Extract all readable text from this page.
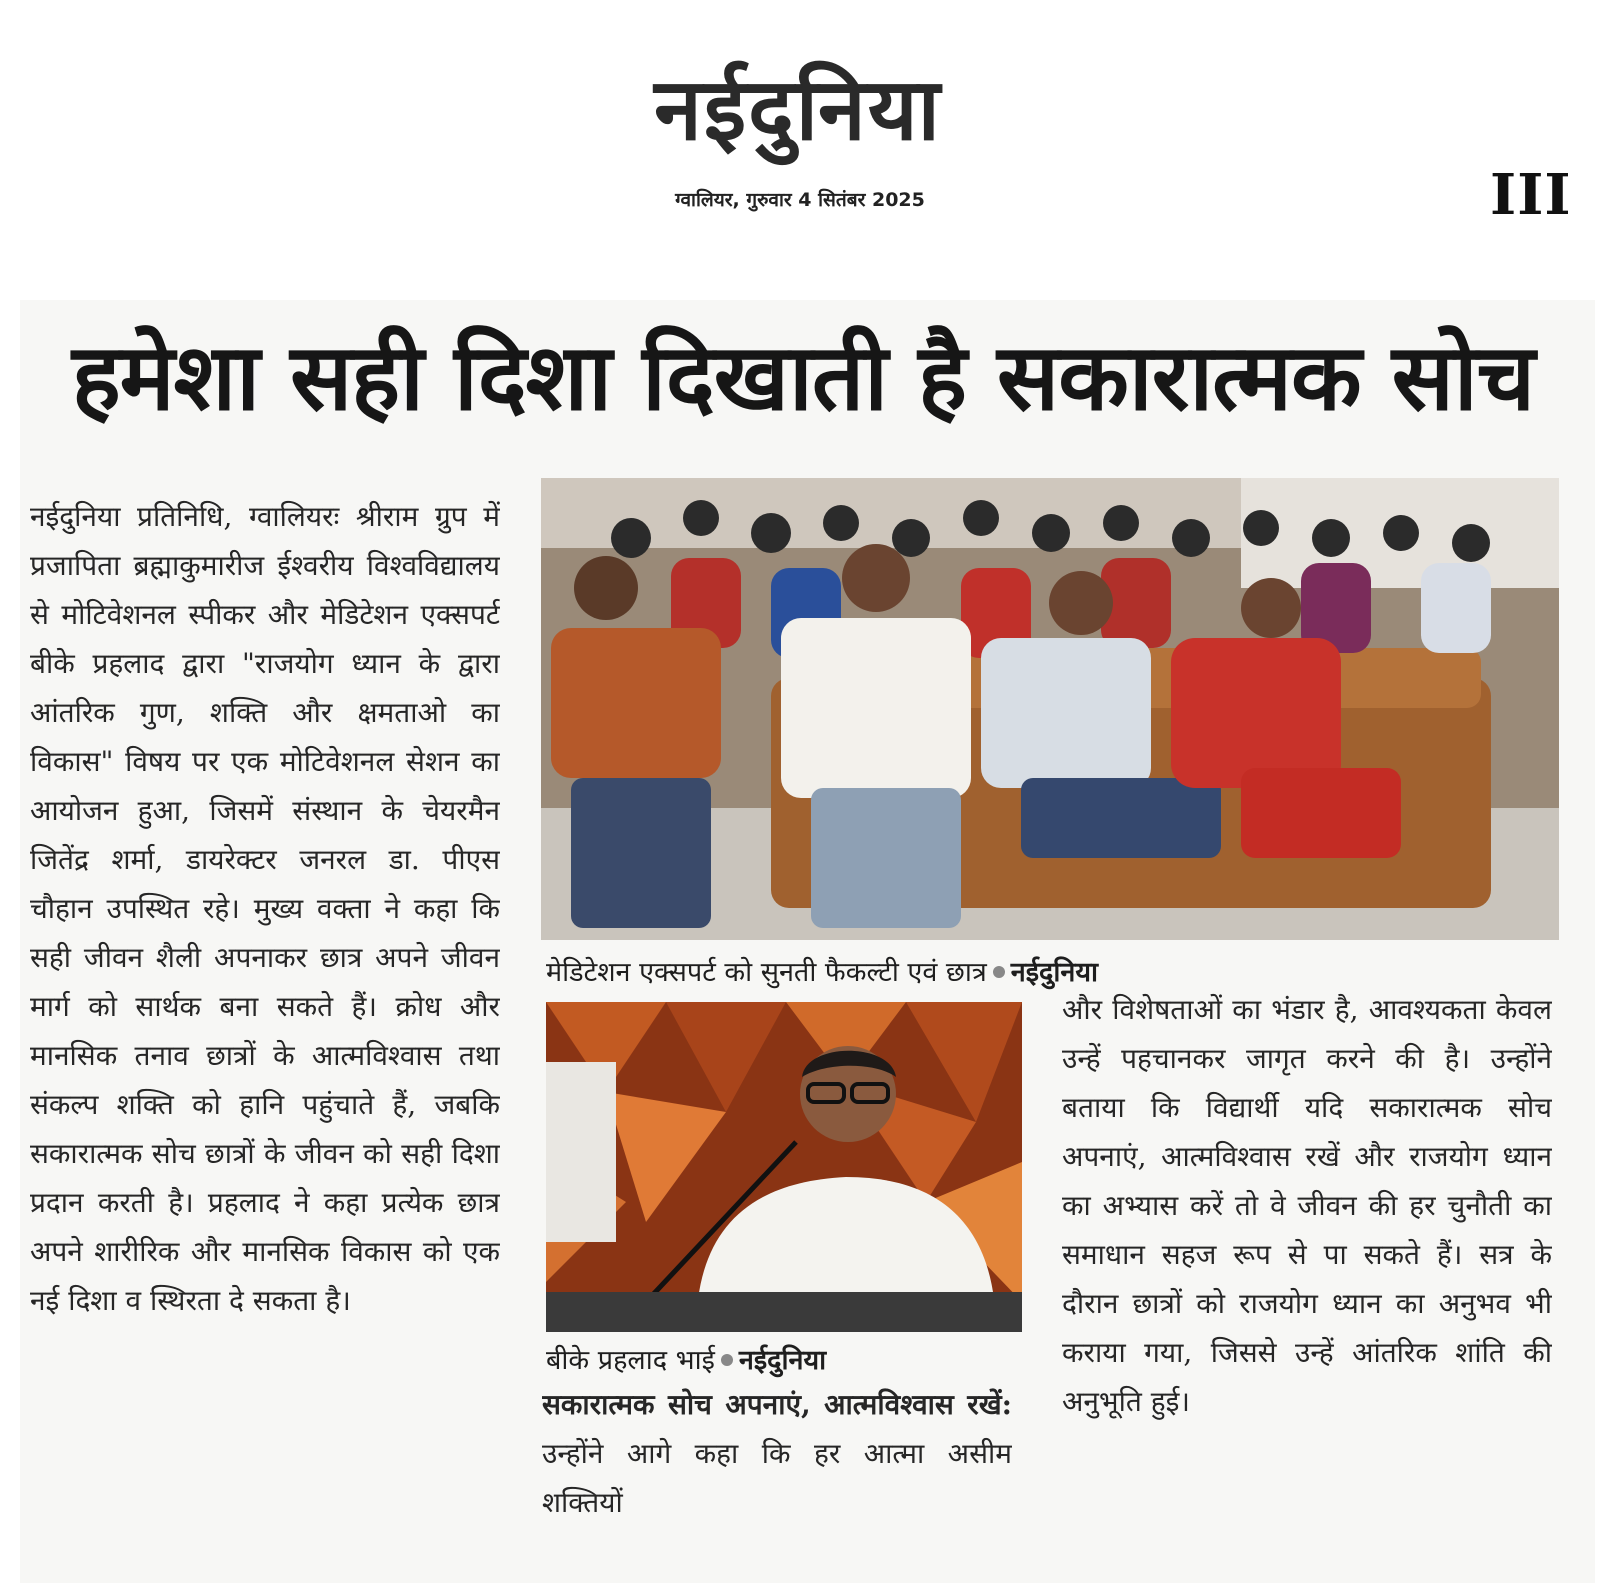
नईदुनिया
ग्वालियर, गुरुवार 4 सितंबर 2025	III
हमेशा सही दिशा दिखाती है सकारात्मक सोच
नईदुनिया प्रतिनिधि, ग्वालियरः श्रीराम ग्रुप में प्रजापिता ब्रह्माकुमारीज ईश्वरीय विश्वविद्यालय से मोटिवेशनल स्पीकर और मेडिटेशन एक्सपर्ट बीके प्रहलाद द्वारा "राजयोग ध्यान के द्वारा आंतरिक गुण, शक्ति और क्षमताओ का विकास" विषय पर एक मोटिवेशनल सेशन का आयोजन हुआ, जिसमें संस्थान के चेयरमैन जितेंद्र शर्मा, डायरेक्टर जनरल डा. पीएस चौहान उपस्थित रहे। मुख्य वक्ता ने कहा कि सही जीवन शैली अपनाकर छात्र अपने जीवन मार्ग को सार्थक बना सकते हैं। क्रोध और मानसिक तनाव छात्रों के आत्मविश्वास तथा संकल्प शक्ति को हानि पहुंचाते हैं, जबकि सकारात्मक सोच छात्रों के जीवन को सही दिशा प्रदान करती है। प्रहलाद ने कहा प्रत्येक छात्र अपने शारीरिक और मानसिक विकास को एक नई दिशा व स्थिरता दे सकता है।
मेडिटेशन एक्सपर्ट को सुनती फैकल्टी एवं छात्र नईदुनिया
बीके प्रहलाद भाई नईदुनिया
सकारात्मक सोच अपनाएं, आत्मविश्वास रखें: उन्होंने आगे कहा कि हर आत्मा असीम शक्तियों
और विशेषताओं का भंडार है, आवश्यकता केवल उन्हें पहचानकर जागृत करने की है। उन्होंने बताया कि विद्यार्थी यदि सकारात्मक सोच अपनाएं, आत्मविश्वास रखें और राजयोग ध्यान का अभ्यास करें तो वे जीवन की हर चुनौती का समाधान सहज रूप से पा सकते हैं। सत्र के दौरान छात्रों को राजयोग ध्यान का अनुभव भी कराया गया, जिससे उन्हें आंतरिक शांति की अनुभूति हुई।
